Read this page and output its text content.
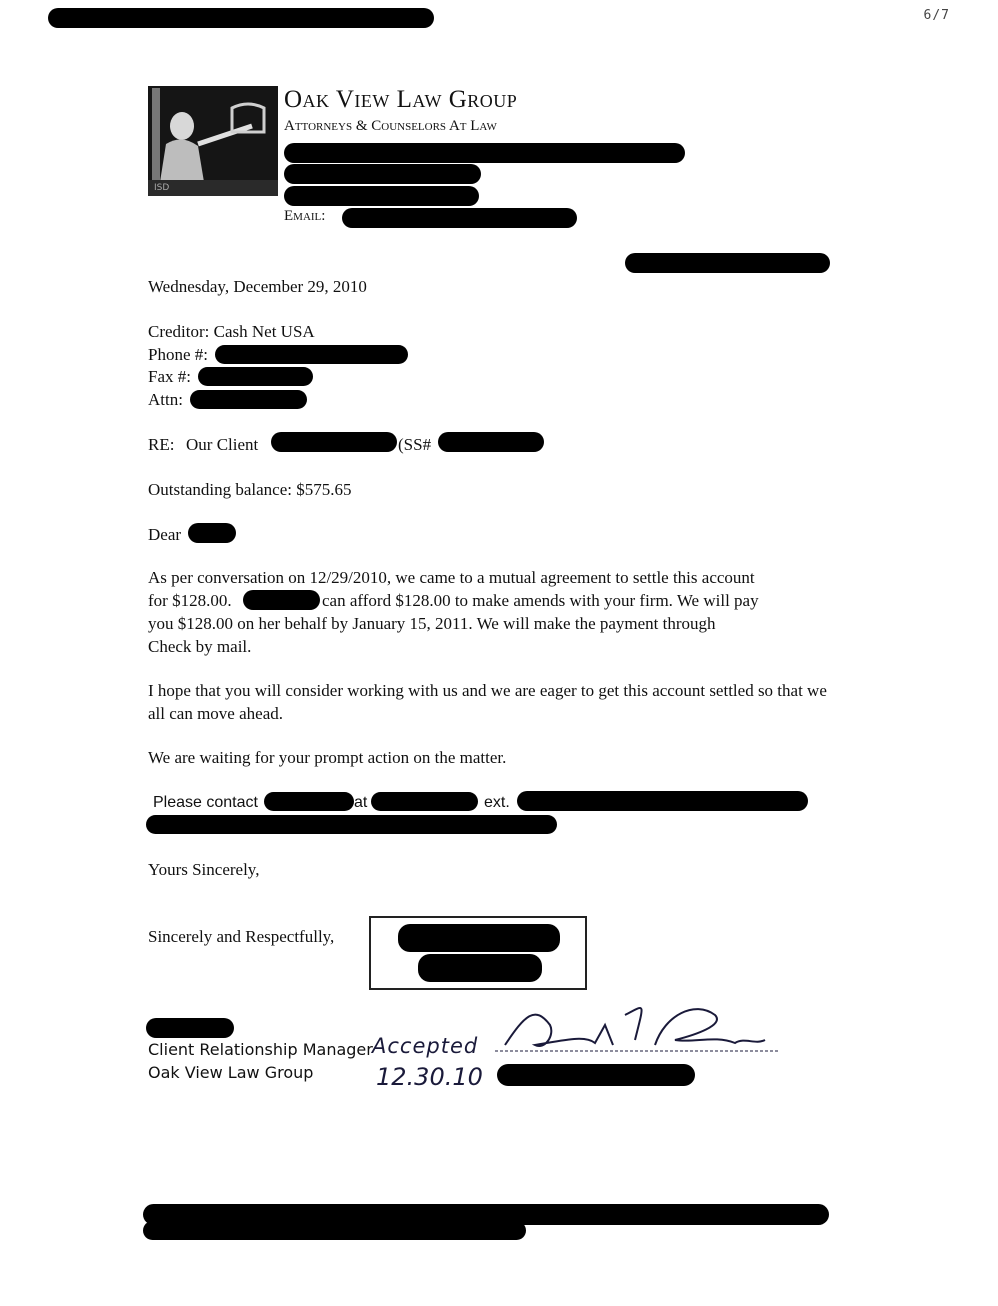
6/7
ISD
Oak View Law Group
Attorneys & Counselors At Law
Email:
Wednesday, December 29, 2010
Creditor: Cash Net USA
Phone #:
Fax #:
Attn:
RE: Our Client	(SS#
Outstanding balance: $575.65
Dear
As per conversation on 12/29/2010, we came to a mutual agreement to settle this account
for $128.00.	can afford $128.00 to make amends with your firm. We will pay
you $128.00 on her behalf by January 15, 2011. We will make the payment through
Check by mail.
I hope that you will consider working with us and we are eager to get this account settled so that we all can move ahead.
We are waiting for your prompt action on the matter.
Please contact	at	ext.
Yours Sincerely,
Sincerely and Respectfully,
Client Relationship Manager
Oak View Law Group
Accepted
12.30.10
